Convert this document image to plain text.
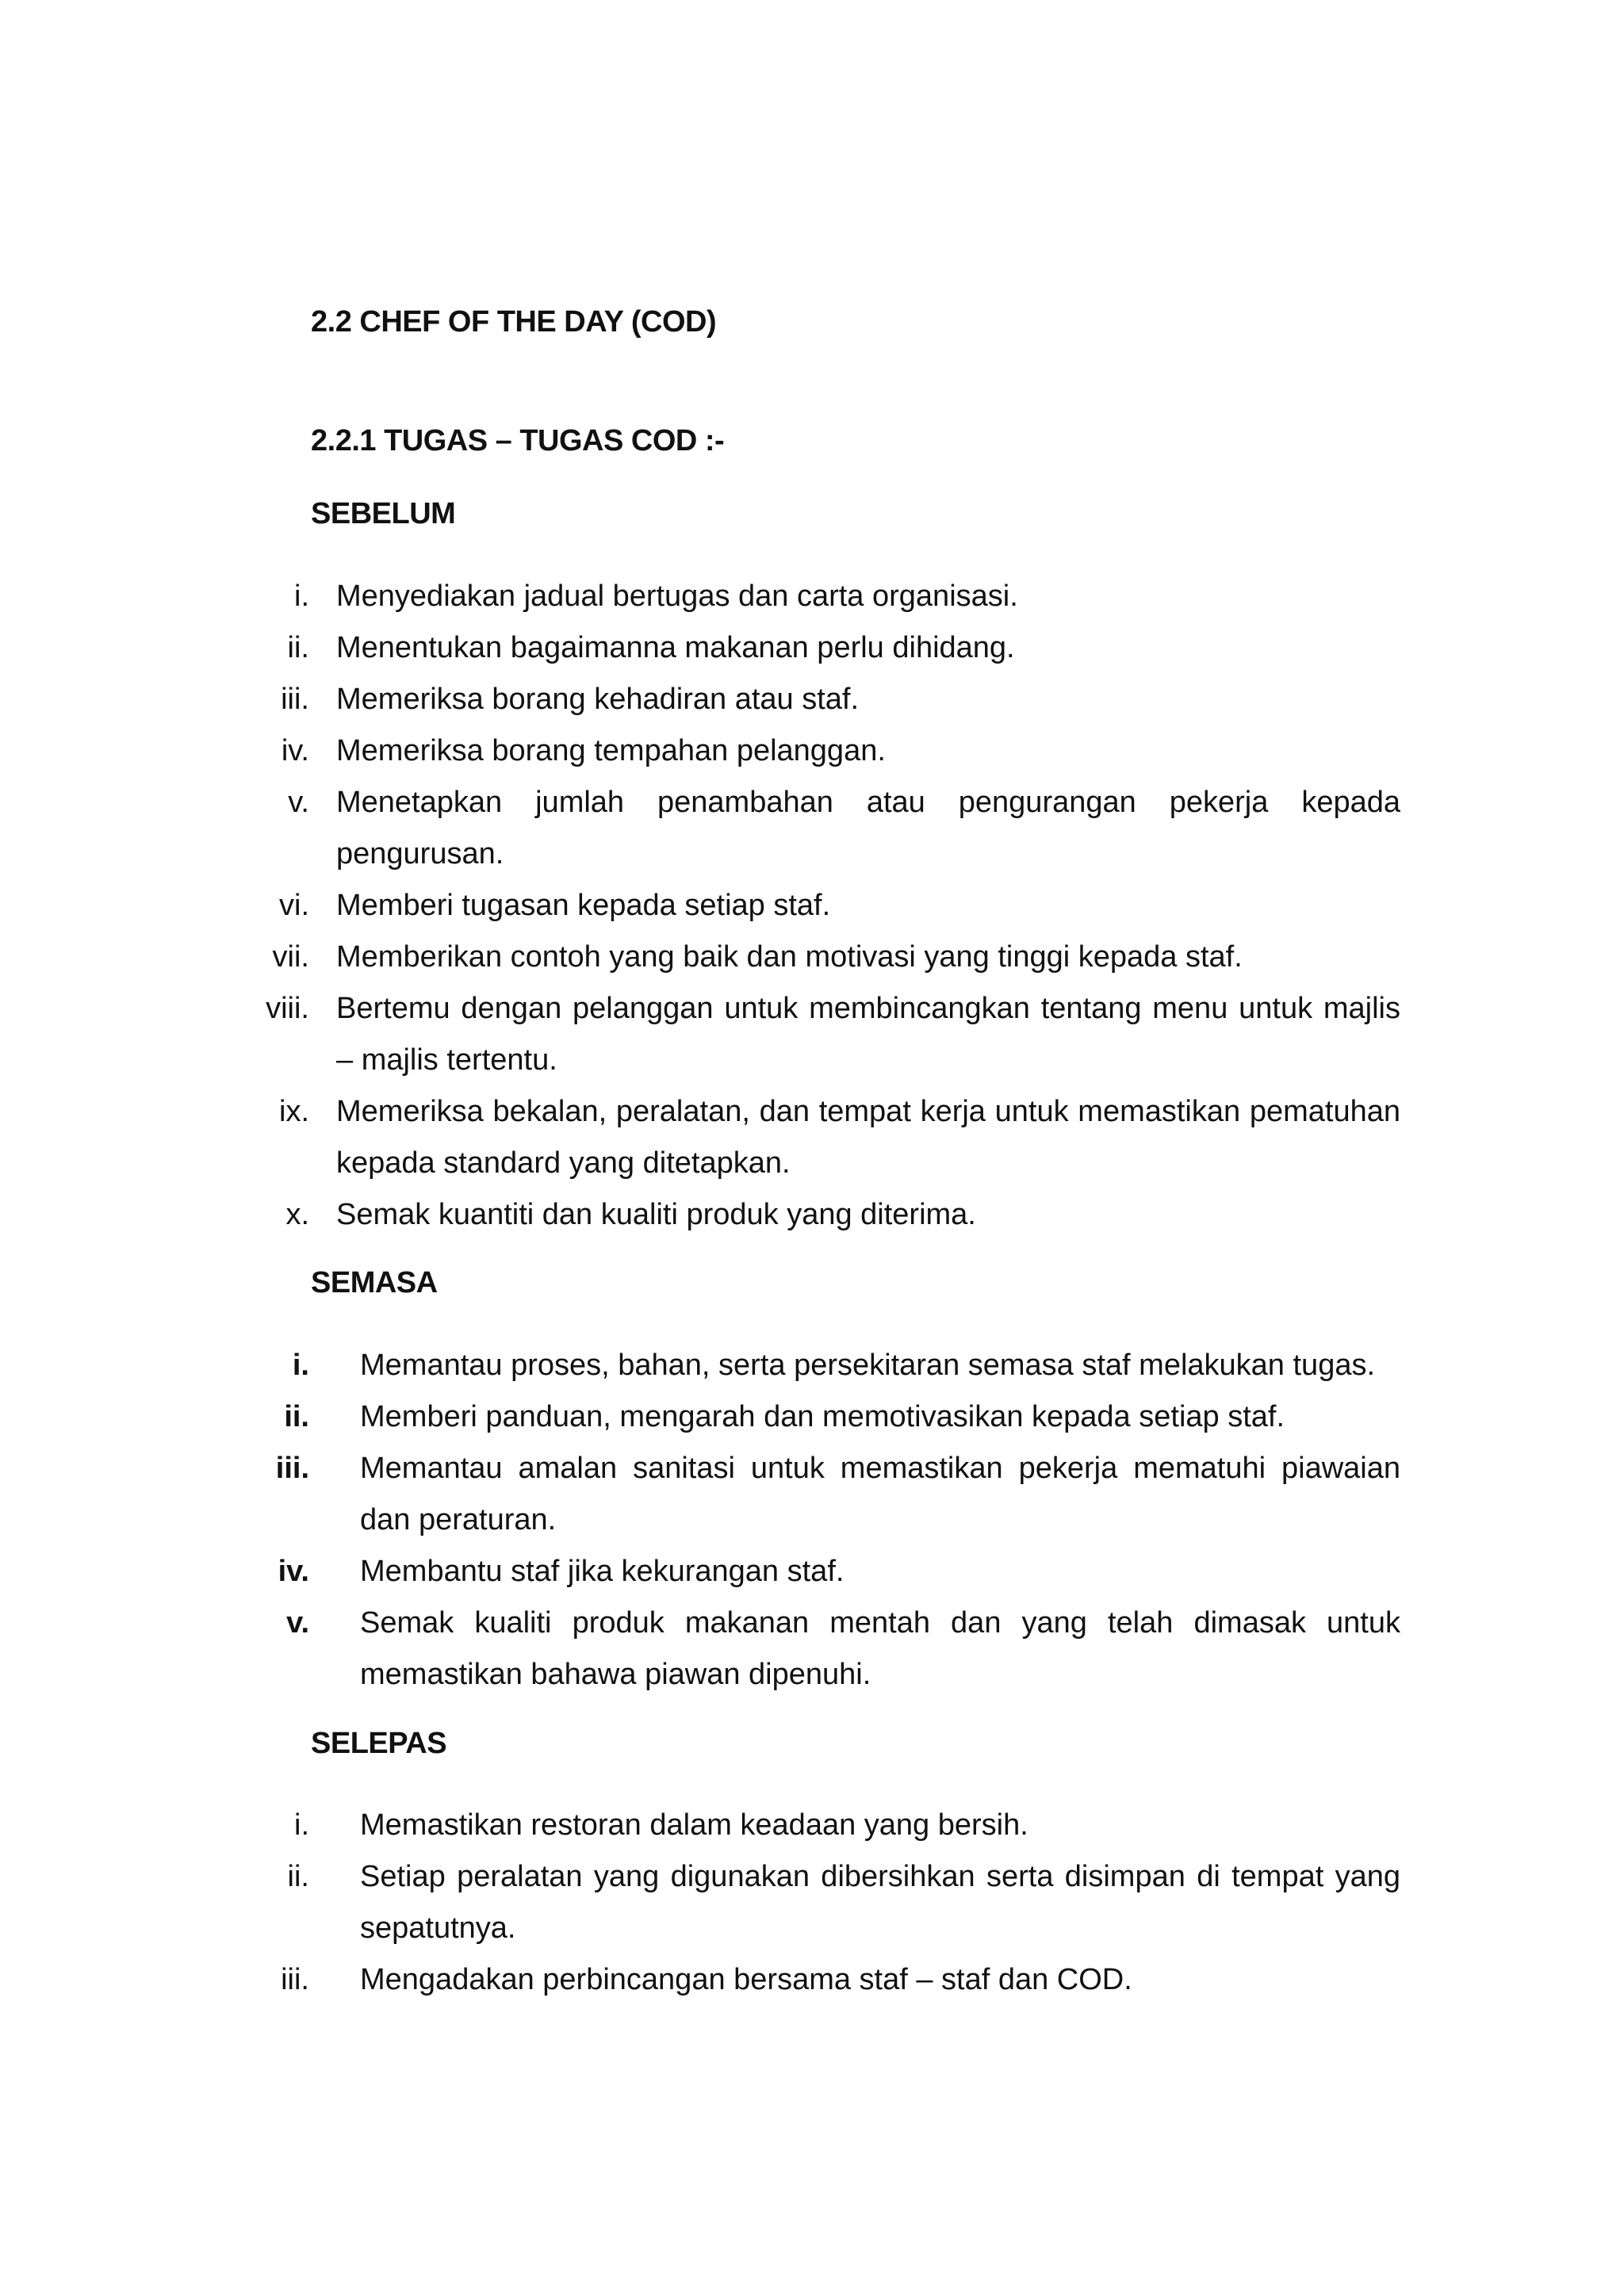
2.2 CHEF OF THE DAY (COD)
2.2.1 TUGAS – TUGAS COD :-
SEBELUM
i. Menyediakan jadual bertugas dan carta organisasi.
ii. Menentukan bagaimanna makanan perlu dihidang.
iii. Memeriksa borang kehadiran atau staf.
iv. Memeriksa borang tempahan pelanggan.
v. Menetapkan jumlah penambahan atau pengurangan pekerja kepada pengurusan.
vi. Memberi tugasan kepada setiap staf.
vii. Memberikan contoh yang baik dan motivasi yang tinggi kepada staf.
viii. Bertemu dengan pelanggan untuk membincangkan tentang menu untuk majlis – majlis tertentu.
ix. Memeriksa bekalan, peralatan, dan tempat kerja untuk memastikan pematuhan kepada standard yang ditetapkan.
x. Semak kuantiti dan kualiti produk yang diterima.
SEMASA
i. Memantau proses, bahan, serta persekitaran semasa staf melakukan tugas.
ii. Memberi panduan, mengarah dan memotivasikan kepada setiap staf.
iii. Memantau amalan sanitasi untuk memastikan pekerja mematuhi piawaian dan peraturan.
iv. Membantu staf jika kekurangan staf.
v. Semak kualiti produk makanan mentah dan yang telah dimasak untuk memastikan bahawa piawan dipenuhi.
SELEPAS
i. Memastikan restoran dalam keadaan yang bersih.
ii. Setiap peralatan yang digunakan dibersihkan serta disimpan di tempat yang sepatutnya.
iii. Mengadakan perbincangan bersama staf – staf dan COD.
